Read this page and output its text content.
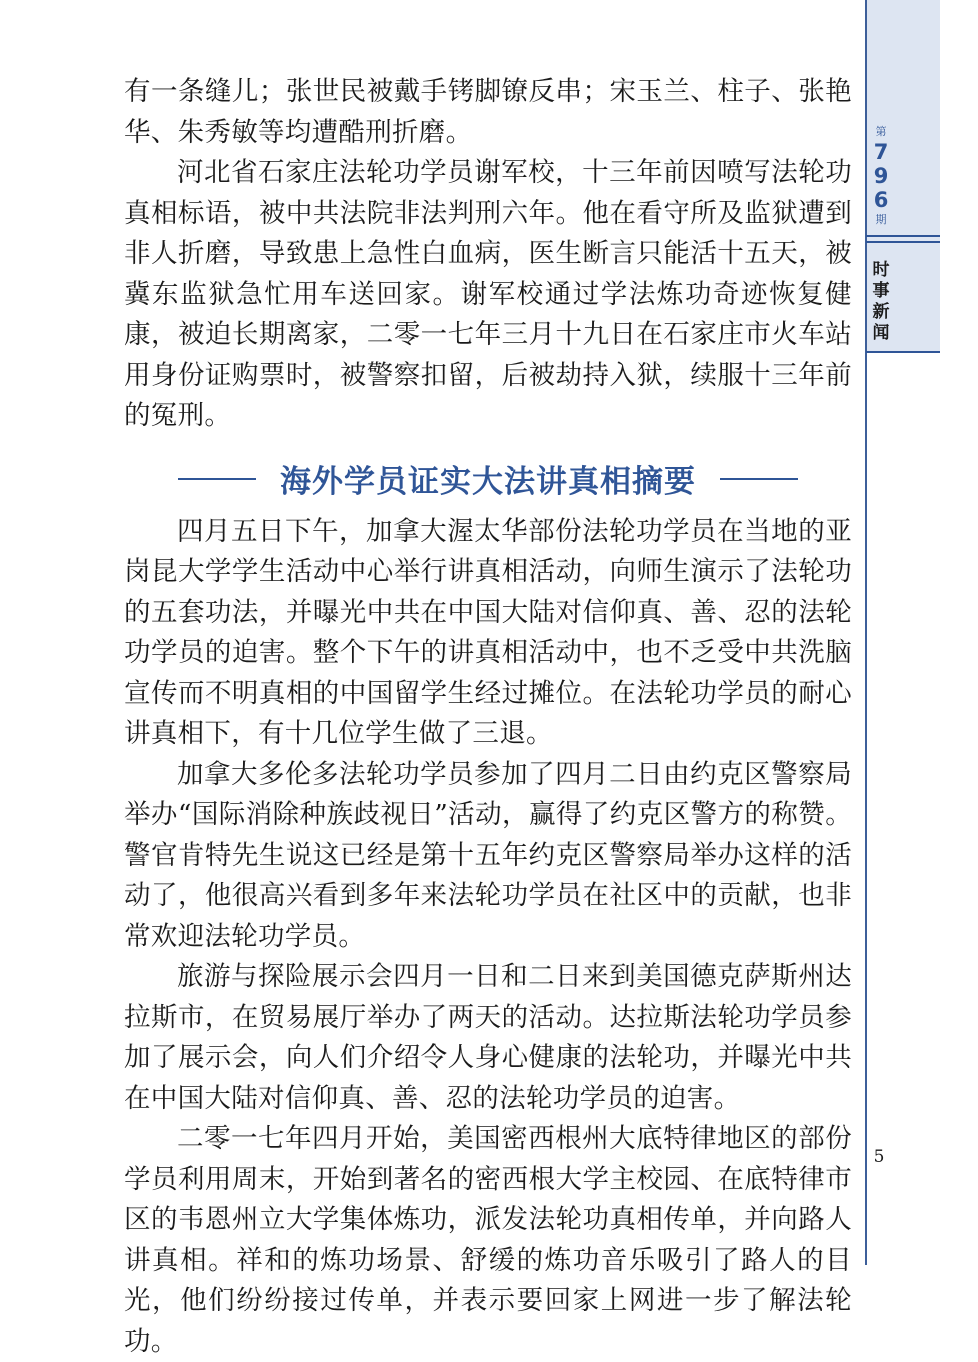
第
7
9
6
期
时
事
新
闻

有一条缝儿；张世民被戴手铐脚镣反串；宋玉兰、柱子、张艳华、朱秀敏等均遭酷刑折磨。

河北省石家庄法轮功学员谢军校，十三年前因喷写法轮功真相标语，被中共法院非法判刑六年。他在看守所及监狱遭到非人折磨，导致患上急性白血病，医生断言只能活十五天，被冀东监狱急忙用车送回家。谢军校通过学法炼功奇迹恢复健康，被迫长期离家，二零一七年三月十九日在石家庄市火车站用身份证购票时，被警察扣留，后被劫持入狱，续服十三年前的冤刑。

海外学员证实大法讲真相摘要

四月五日下午，加拿大渥太华部份法轮功学员在当地的亚岗昆大学学生活动中心举行讲真相活动，向师生演示了法轮功的五套功法，并曝光中共在中国大陆对信仰真、善、忍的法轮功学员的迫害。整个下午的讲真相活动中，也不乏受中共洗脑宣传而不明真相的中国留学生经过摊位。在法轮功学员的耐心讲真相下，有十几位学生做了三退。

加拿大多伦多法轮功学员参加了四月二日由约克区警察局举办“国际消除种族歧视日”活动，赢得了约克区警方的称赞。警官肯特先生说这已经是第十五年约克区警察局举办这样的活动了，他很高兴看到多年来法轮功学员在社区中的贡献，也非常欢迎法轮功学员。

旅游与探险展示会四月一日和二日来到美国德克萨斯州达拉斯市，在贸易展厅举办了两天的活动。达拉斯法轮功学员参加了展示会，向人们介绍令人身心健康的法轮功，并曝光中共在中国大陆对信仰真、善、忍的法轮功学员的迫害。

二零一七年四月开始，美国密西根州大底特律地区的部份学员利用周末，开始到著名的密西根大学主校园、在底特律市区的韦恩州立大学集体炼功，派发法轮功真相传单，并向路人讲真相。祥和的炼功场景、舒缓的炼功音乐吸引了路人的目光，他们纷纷接过传单，并表示要回家上网进一步了解法轮功。

5
